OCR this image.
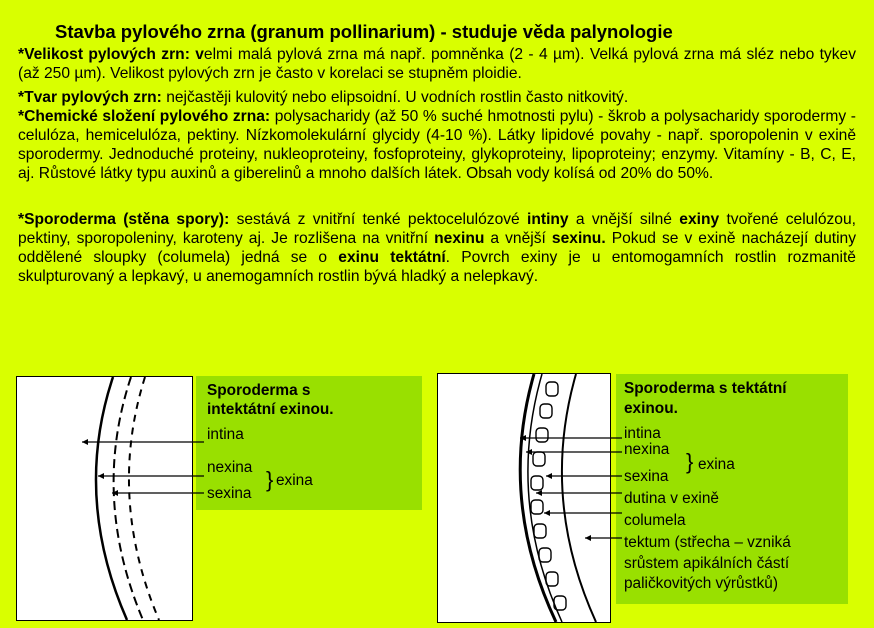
Stavba pylového zrna (granum pollinarium) - studuje věda palynologie
*Velikost pylových zrn: velmi malá pylová zrna má např. pomněnka (2 - 4 µm). Velká pylová zrna má sléz nebo tykev (až 250 µm). Velikost pylových zrn je často v korelaci se stupněm ploidie.
*Tvar pylových zrn: nejčastěji kulovitý nebo elipsoidní. U vodních rostlin často nitkovitý.
*Chemické složení pylového zrna: polysacharidy (až 50 % suché hmotnosti pylu) - škrob a polysacharidy sporodermy - celulóza, hemicelulóza, pektiny. Nízkomolekulární glycidy (4-10 %). Látky lipidové povahy - např. sporopolenin v exině sporodermy. Jednoduché proteiny, nukleoproteiny, fosfoproteiny, glykoproteiny, lipoproteiny; enzymy. Vitamíny - B, C, E, aj. Růstové látky typu auxinů a giberelinů a mnoho dalších látek. Obsah vody kolísá od 20% do 50%.
*Sporoderma (stěna spory): sestává z vnitřní tenké pektocelulózové intiny a vnější silné exiny tvořené celulózou, pektiny, sporopoleniny, karoteny aj. Je rozlišena na vnitřní nexinu a vnější sexinu. Pokud se v exině nacházejí dutiny oddělené sloupky (columela) jedná se o exinu tektátní. Povrch exiny je u entomogamních rostlin rozmanitě skulpturovaný a lepkavý, u anemogamních rostlin bývá hladký a nelepkavý.
Sporoderma s
intektátní exinou.
intina
nexina
sexina
} exina
Sporoderma s tektátní
exinou.
intina
nexina } exina
sexina
dutina v exině
columela
tektum (střecha – vzniká
srůstem apikálních částí
paličkovitých výrůstků)
